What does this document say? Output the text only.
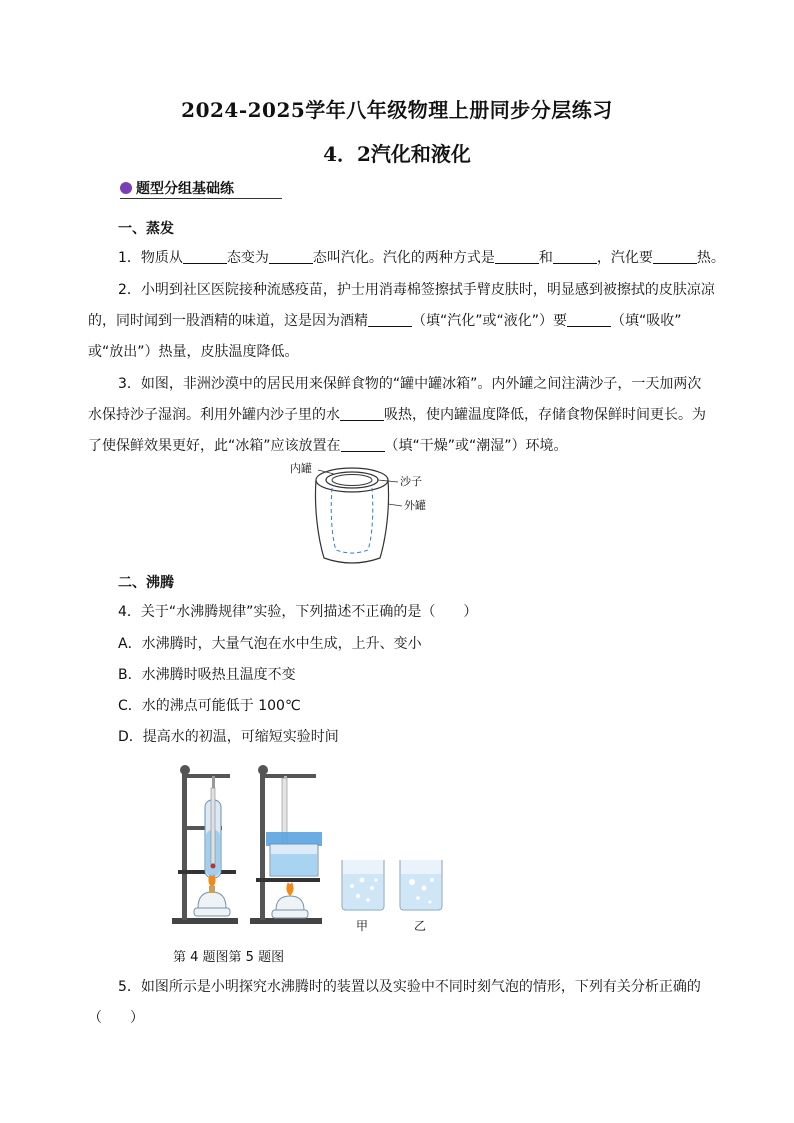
2024-2025学年八年级物理上册同步分层练习
4．2汽化和液化
题型分组基础练
一、蒸发
1．物质从	态变为	态叫汽化。汽化的两种方式是	和	，汽化要	热。
2．小明到社区医院接种流感疫苗，护士用消毒棉签擦拭手臂皮肤时，明显感到被擦拭的皮肤凉凉
的，同时闻到一股酒精的味道，这是因为酒精	（填“汽化”或“液化”）要	（填“吸收”
或“放出”）热量，皮肤温度降低。
3．如图，非洲沙漠中的居民用来保鲜食物的“罐中罐冰箱”。内外罐之间注满沙子，一天加两次
水保持沙子湿润。利用外罐内沙子里的水	吸热，使内罐温度降低，存储食物保鲜时间更长。为
了使保鲜效果更好，此“冰箱”应该放置在	（填“干燥”或“潮湿”）环境。
内罐
沙子
外罐
二、沸腾
4．关于“水沸腾规律”实验，下列描述不正确的是（　　）
A．水沸腾时，大量气泡在水中生成，上升、变小
B．水沸腾时吸热且温度不变
C．水的沸点可能低于 100℃
D．提高水的初温，可缩短实验时间
甲	乙
第 4 题图第 5 题图
5．如图所示是小明探究水沸腾时的装置以及实验中不同时刻气泡的情形，下列有关分析正确的
（　　）
